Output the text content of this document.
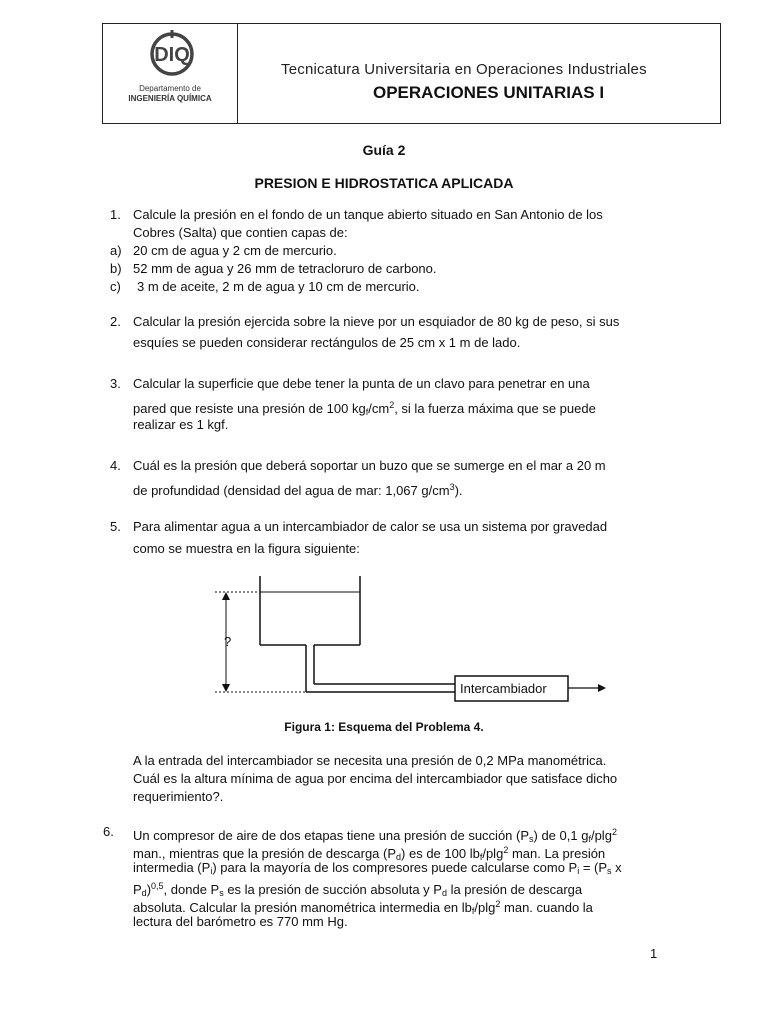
DIQ
Departamento de
INGENIERÍA QUÍMICA
Tecnicatura Universitaria en Operaciones Industriales
OPERACIONES UNITARIAS I
Guía 2
PRESION E HIDROSTATICA APLICADA
1. Calcule la presión en el fondo de un tanque abierto situado en San Antonio de los
Cobres (Salta) que contien capas de:
a) 20 cm de agua y 2 cm de mercurio.
b) 52 mm de agua y 26 mm de tetracloruro de carbono.
c) 3 m de aceite, 2 m de agua y 10 cm de mercurio.
2. Calcular la presión ejercida sobre la nieve por un esquiador de 80 kg de peso, si sus
esquíes se pueden considerar rectángulos de 25 cm x 1 m de lado.
3. Calcular la superficie que debe tener la punta de un clavo para penetrar en una
pared que resiste una presión de 100 $kg_f/cm^2$, si la fuerza máxima que se puede
realizar es 1 kgf.
4. Cuál es la presión que deberá soportar un buzo que se sumerge en el mar a 20 m
de profundidad (densidad del agua de mar: 1,067 $g/cm^3$).
5. Para alimentar agua a un intercambiador de calor se usa un sistema por gravedad
como se muestra en la figura siguiente:
Intercambiador
?
Figura 1: Esquema del Problema 4.
A la entrada del intercambiador se necesita una presión de 0,2 MPa manométrica.
Cuál es la altura mínima de agua por encima del intercambiador que satisface dicho
requerimiento?.
6. Un compresor de aire de dos etapas tiene una presión de succión $(P_s)$ de 0,1 $g_f/plg^2$
man., mientras que la presión de descarga $(P_d)$ es de 100 $lb_f/plg^2$ man. La presión
intermedia $(P_i)$ para la mayoría de los compresores puede calcularse como $P_i = (P_s$ x
$P_d)^{0,5}$, donde $P_s$ es la presión de succión absoluta y $P_d$ la presión de descarga
absoluta. Calcular la presión manométrica intermedia en $lb_f/plg^2$ man. cuando la
lectura del barómetro es 770 mm Hg.
1
